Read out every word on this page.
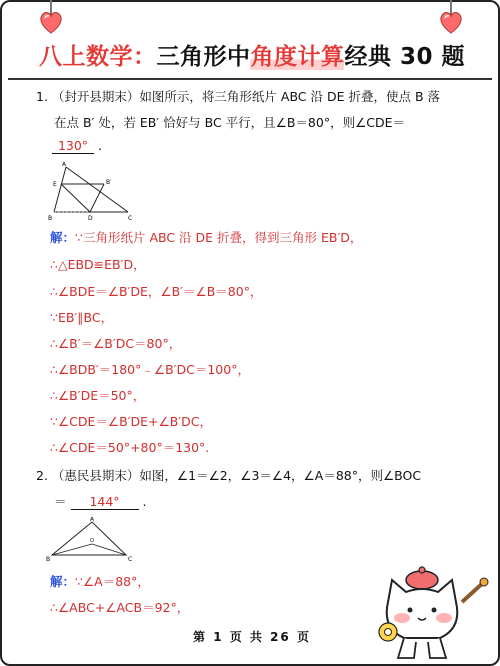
八上数学：三角形中角度计算经典 30 题
1. （封开县期末）如图所示，将三角形纸片 ABC 沿 DE 折叠，使点 B 落
在点 B′ 处，若 EB′ 恰好与 BC 平行，且∠B＝80°，则∠CDE＝
130° .
A
E	B′
B	D	C
解：∵三角形纸片 ABC 沿 DE 折叠，得到三角形 EB′D，
∴△EBD≌EB′D，
∴∠BDE＝∠B′DE，∠B′＝∠B＝80°，
∵EB′∥BC，
∴∠B′＝∠B′DC＝80°，
∴∠BDB′＝180°﹣∠B′DC＝100°，
∴∠B′DE＝50°，
∵∠CDE＝∠B′DE+∠B′DC，
∴∠CDE＝50°+80°＝130°.
2. （惠民县期末）如图，∠1＝∠2，∠3＝∠4，∠A＝88°，则∠BOC
＝ 144° .
A
O
B	C
解：∵∠A＝88°，
∴∠ABC+∠ACB＝92°，
第 1 页 共 26 页
